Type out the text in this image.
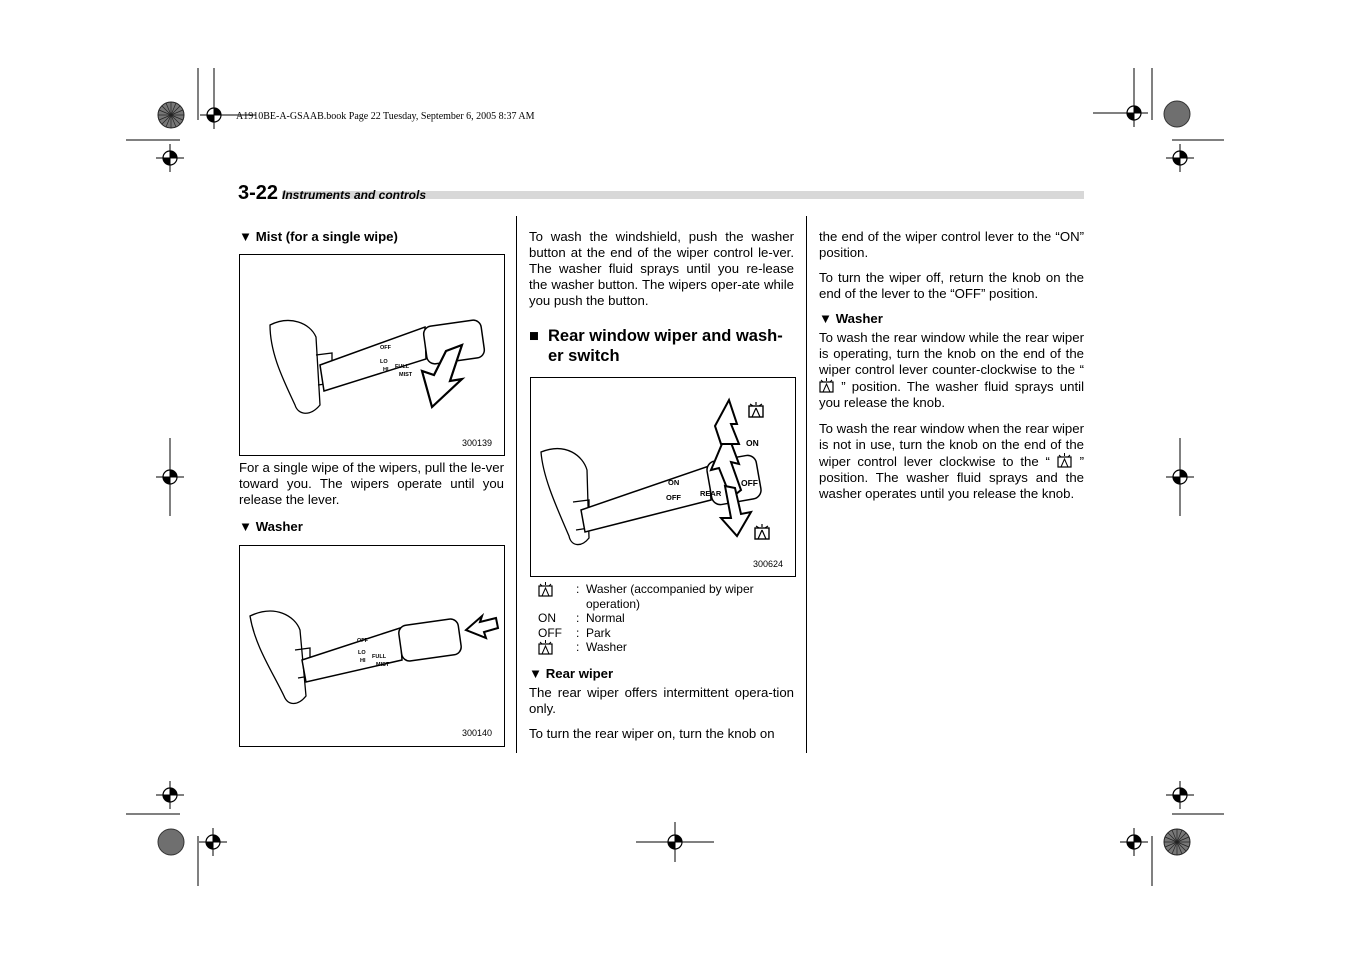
A1910BE-A-GSAAB.book Page 22 Tuesday, September 6, 2005 8:37 AM
3-22 Instruments and controls
▼ Mist (for a single wipe)
OFF
LO
HI FULL
MIST
300139

For a single wipe of the wipers, pull the le-ver toward you. The wipers operate until you release the lever.

▼ Washer
OFF
LO
HI
FULL
MIST
300140

To wash the windshield, push the washer button at the end of the wiper control le-ver. The washer fluid sprays until you re-lease the washer button. The wipers oper-ate while you push the button.

■ Rear window wiper and wash-er switch
ON
OFF	REAR
OFF
ON
300624
: Washer (accompanied by wiper operation)
ON	: Normal
OFF	: Park
: Washer
▼ Rear wiper

The rear wiper offers intermittent opera-tion only.

To turn the rear wiper on, turn the knob on

the end of the wiper control lever to the “ON” position.

To turn the wiper off, return the knob on the end of the lever to the “OFF” position.

▼ Washer

To wash the rear window while the rear wiper is operating, turn the knob on the end of the wiper control lever counter-clockwise to the “  ” position. The washer fluid sprays until you release the knob.

To wash the rear window when the rear wiper is not in use, turn the knob on the end of the wiper control lever clockwise to the “ ” position. The washer fluid sprays and the washer operates until you release the knob.
